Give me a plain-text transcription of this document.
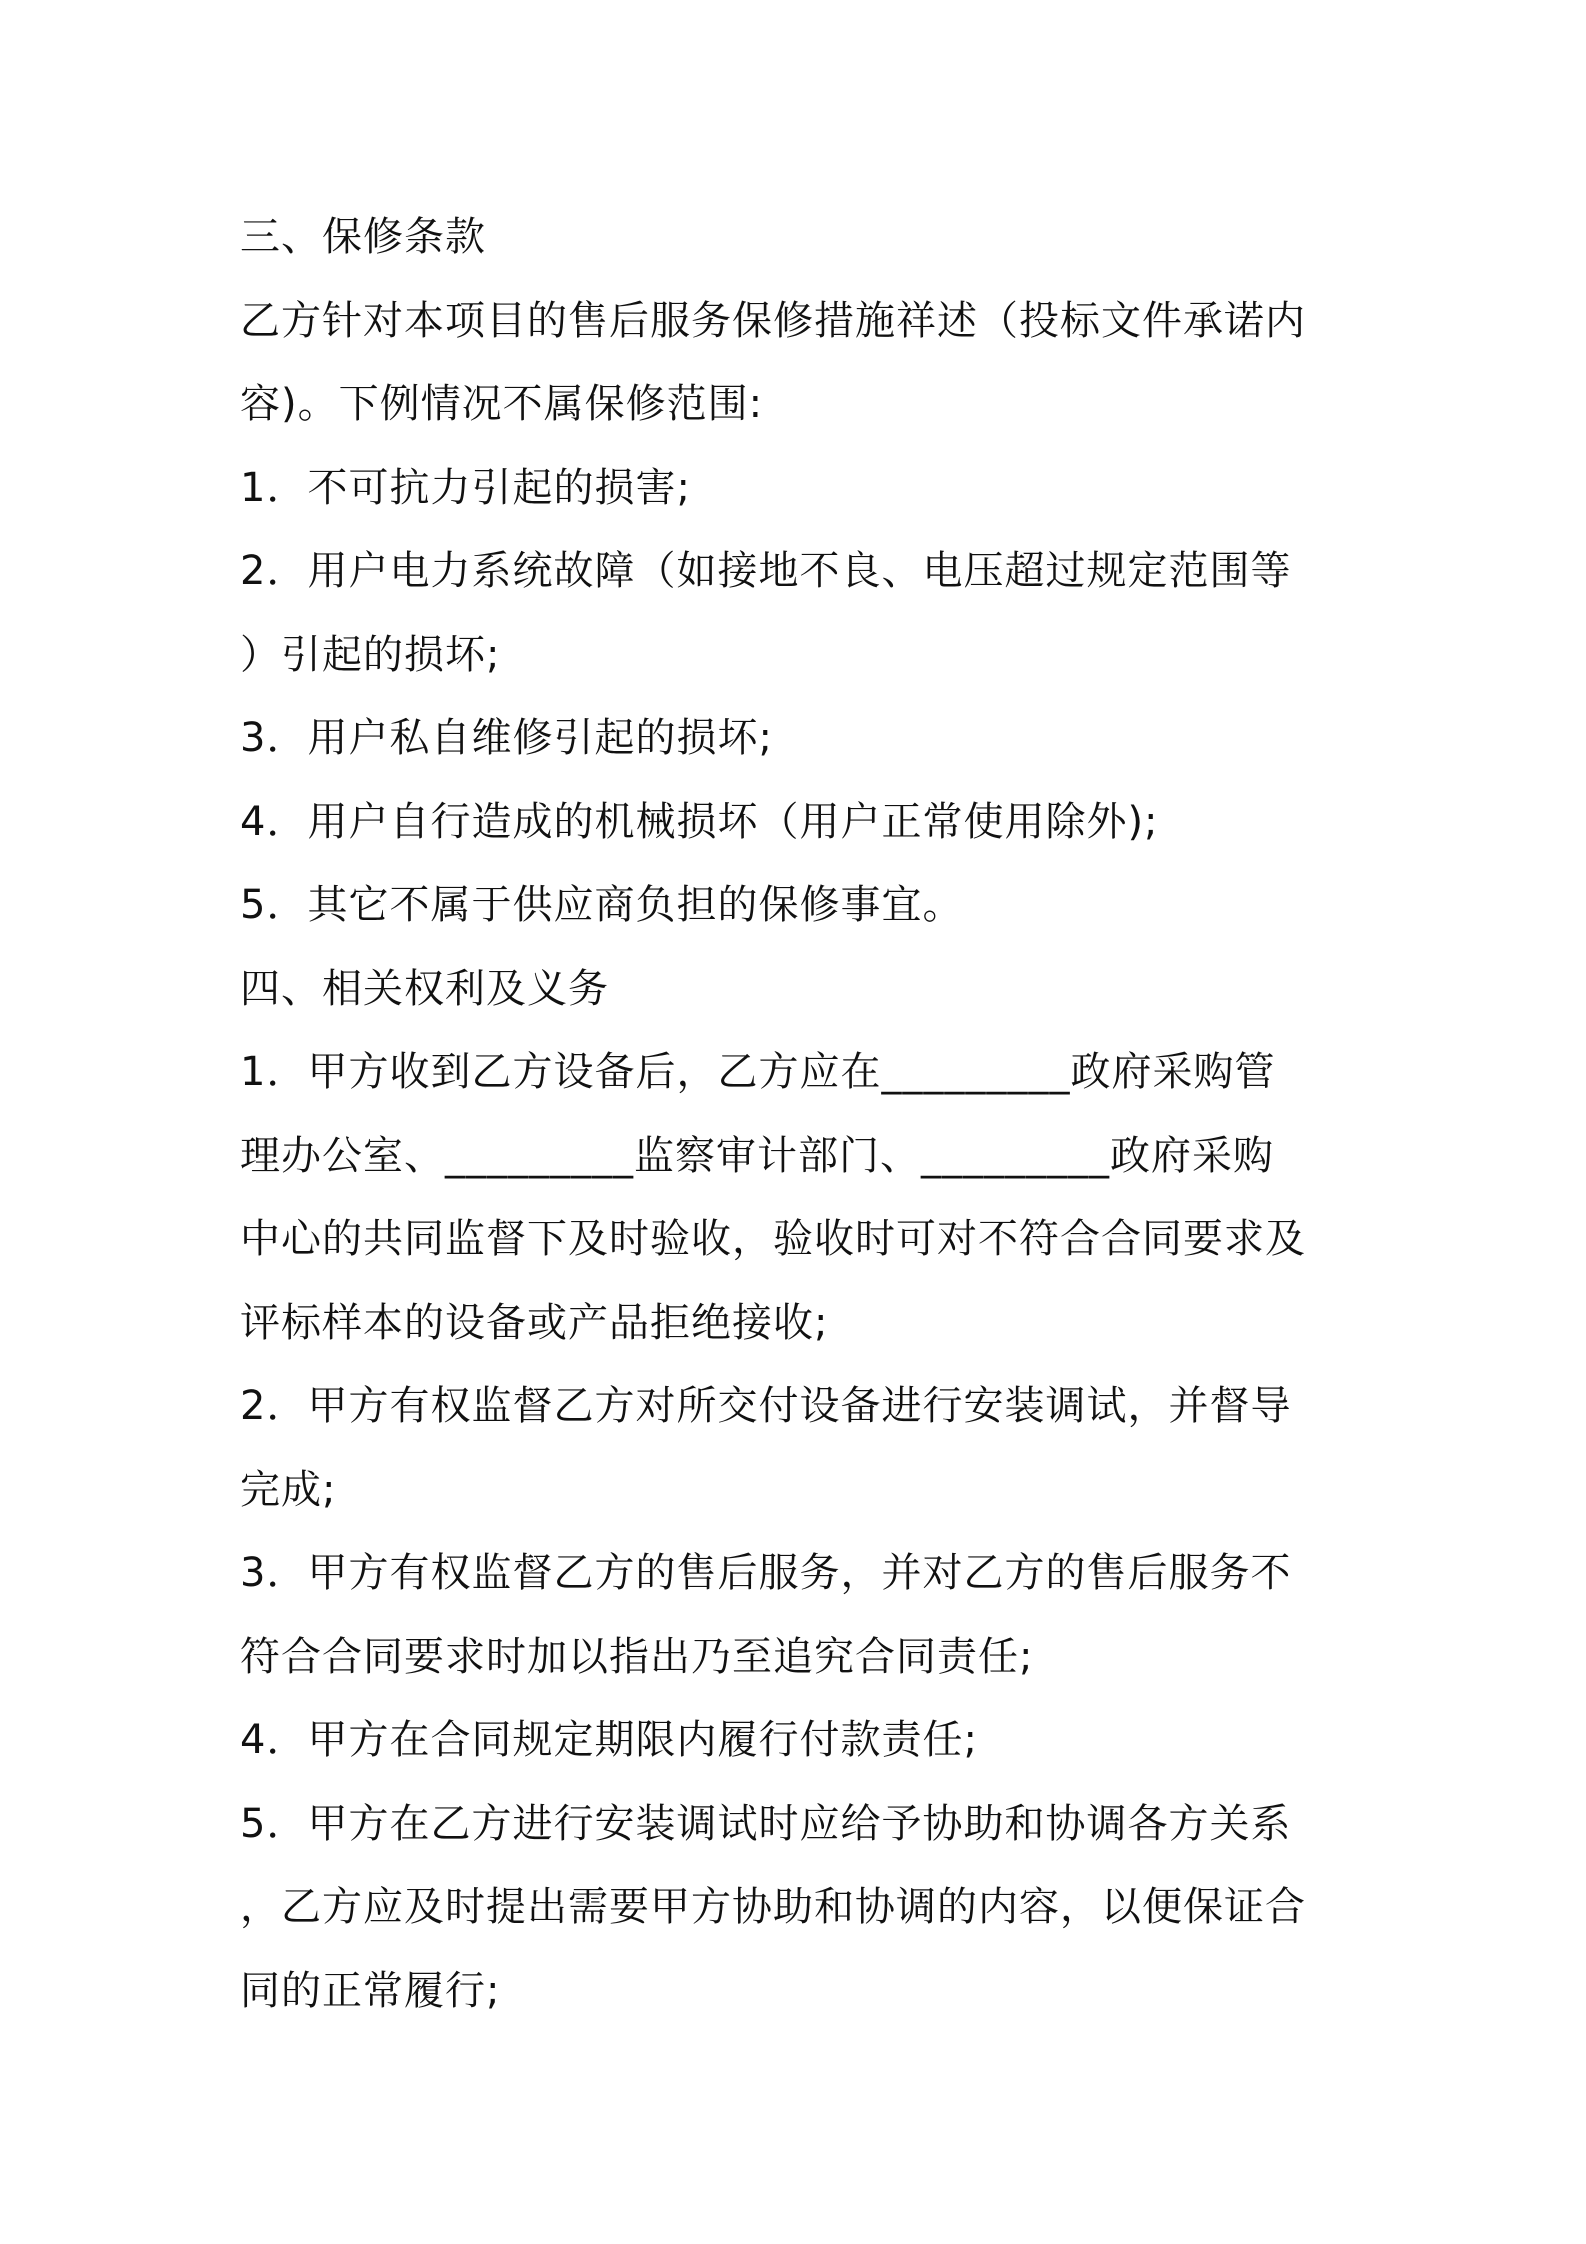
三、保修条款
乙方针对本项目的售后服务保修措施祥述（投标文件承诺内
容)。下例情况不属保修范围:
1．不可抗力引起的损害;
2．用户电力系统故障（如接地不良、电压超过规定范围等
）引起的损坏;
3．用户私自维修引起的损坏;
4．用户自行造成的机械损坏（用户正常使用除外);
5．其它不属于供应商负担的保修事宜。
四、相关权利及义务
1．甲方收到乙方设备后，乙方应在_________政府采购管
理办公室、_________监察审计部门、_________政府采购
中心的共同监督下及时验收，验收时可对不符合合同要求及
评标样本的设备或产品拒绝接收;
2．甲方有权监督乙方对所交付设备进行安装调试，并督导
完成;
3．甲方有权监督乙方的售后服务，并对乙方的售后服务不
符合合同要求时加以指出乃至追究合同责任;
4．甲方在合同规定期限内履行付款责任;
5．甲方在乙方进行安装调试时应给予协助和协调各方关系
，乙方应及时提出需要甲方协助和协调的内容，以便保证合
同的正常履行;
